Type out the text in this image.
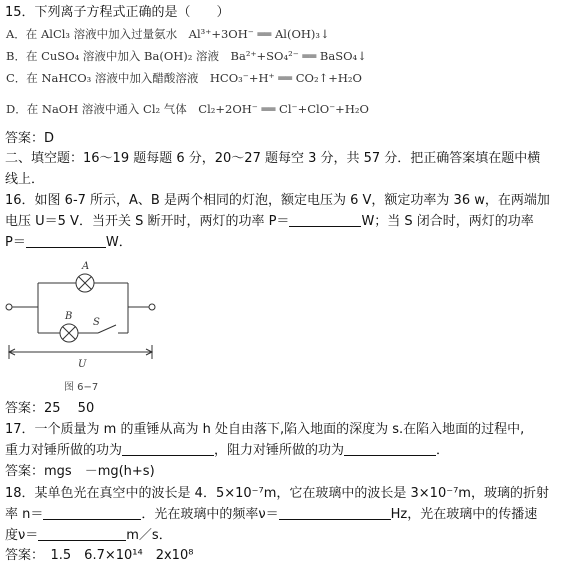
15．下列离子方程式正确的是（　　）
A．在 AlCl₃ 溶液中加入过量氨水　Al³⁺+3OH⁻ ══ Al(OH)₃↓
B．在 CuSO₄ 溶液中加入 Ba(OH)₂ 溶液　Ba²⁺+SO₄²⁻ ══ BaSO₄↓
C．在 NaHCO₃ 溶液中加入醋酸溶液　HCO₃⁻+H⁺ ══ CO₂↑+H₂O
D．在 NaOH 溶液中通入 Cl₂ 气体　Cl₂+2OH⁻ ══ Cl⁻+ClO⁻+H₂O
答案：D
二、填空题：16～19 题每题 6 分，20～27 题每空 3 分，共 57 分．把正确答案填在题中横
线上．
16．如图 6-7 所示，A、B 是两个相同的灯泡，额定电压为 6 V，额定功率为 36 w，在两端加
电压 U＝5 V．当开关 S 断开时，两灯的功率 P＝	W；当 S 闭合时，两灯的功率
P＝	W．
A
B
S
U
图 6−7
答案：25　 50
17．一个质量为 m 的重锤从高为 h 处自由落下,陷入地面的深度为 s.在陷入地面的过程中,
重力对锤所做的功为	，阻力对锤所做的功为	．
答案：mgs　－mg(h+s)
18．某单色光在真空中的波长是 4．5×10⁻⁷m，它在玻璃中的波长是 3×10⁻⁷m，玻璃的折射
率 n＝	．光在玻璃中的频率ν＝	Hz，光在玻璃中的传播速
度ν＝	m／s．
答案：　1.5　6.7×10¹⁴　2x10⁸
